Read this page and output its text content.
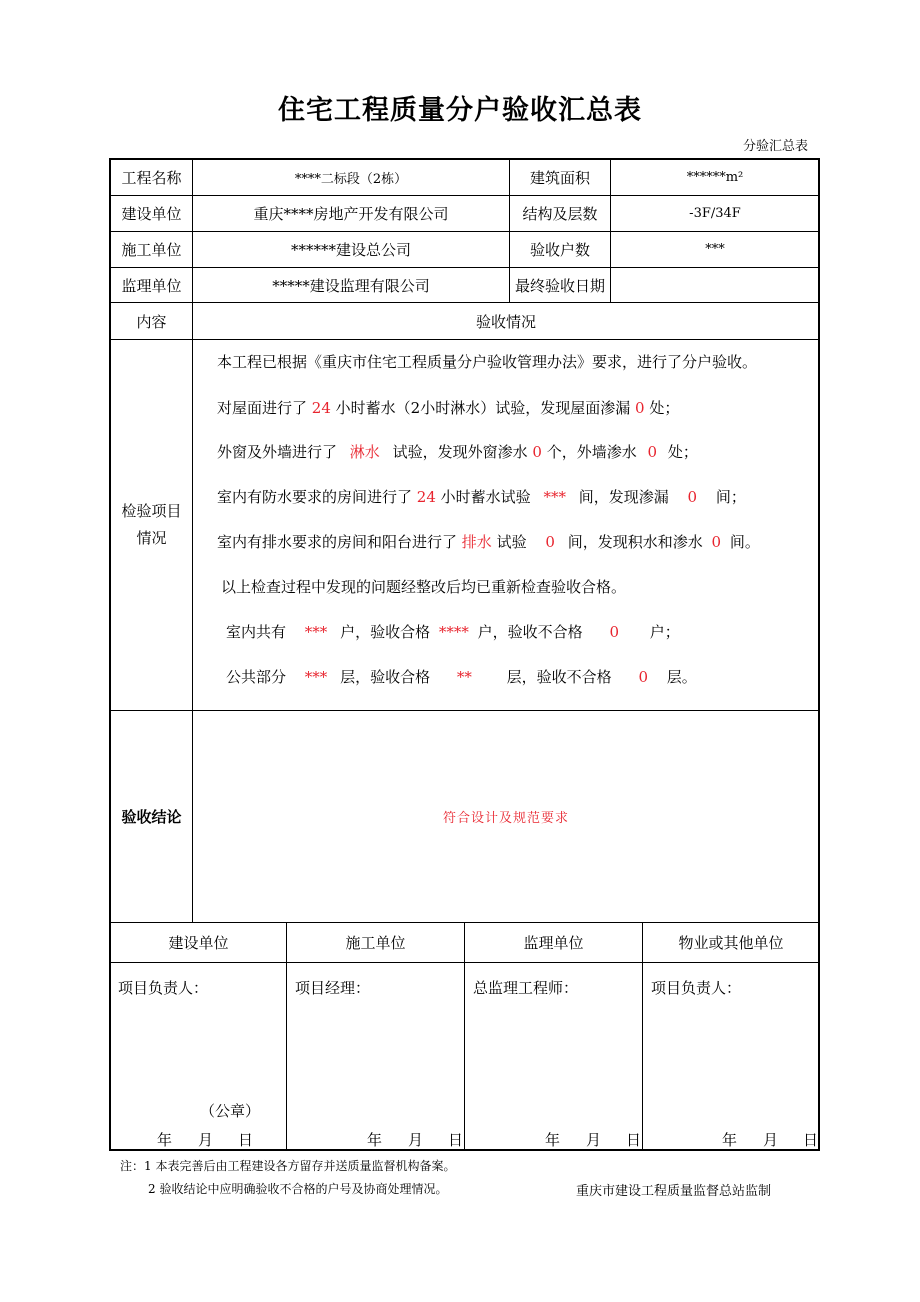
住宅工程质量分户验收汇总表
分验汇总表
工程名称	****二标段（2栋）	建筑面积	******m²
建设单位	重庆****房地产开发有限公司	结构及层数	-3F/34F
施工单位	******建设总公司	验收户数	***
监理单位	*****建设监理有限公司	最终验收日期
内容	验收情况
检验项目
情况
本工程已根据《重庆市住宅工程质量分户验收管理办法》要求，进行了分户验收。
对屋面进行了 24 小时蓄水（2小时淋水）试验，发现屋面渗漏 0 处；
外窗及外墙进行了 淋水 试验，发现外窗渗水 0 个，外墙渗水 0 处；
室内有防水要求的房间进行了 24 小时蓄水试验 *** 间，发现渗漏 0 间；
室内有排水要求的房间和阳台进行了 排水 试验 0 间，发现积水和渗水 0 间。
以上检查过程中发现的问题经整改后均已重新检查验收合格。
室内共有 *** 户，验收合格 **** 户，验收不合格 0 户；
公共部分 *** 层，验收合格 ** 层，验收不合格 0 层。
验收结论	符合设计及规范要求
建设单位	施工单位	监理单位	物业或其他单位
项目负责人：	项目经理：	总监理工程师：	项目负责人：
（公章）
年 月 日	年 月 日	年 月 日	年 月 日
注：1 本表完善后由工程建设各方留存并送质量监督机构备案。
2 验收结论中应明确验收不合格的户号及协商处理情况。	重庆市建设工程质量监督总站监制
